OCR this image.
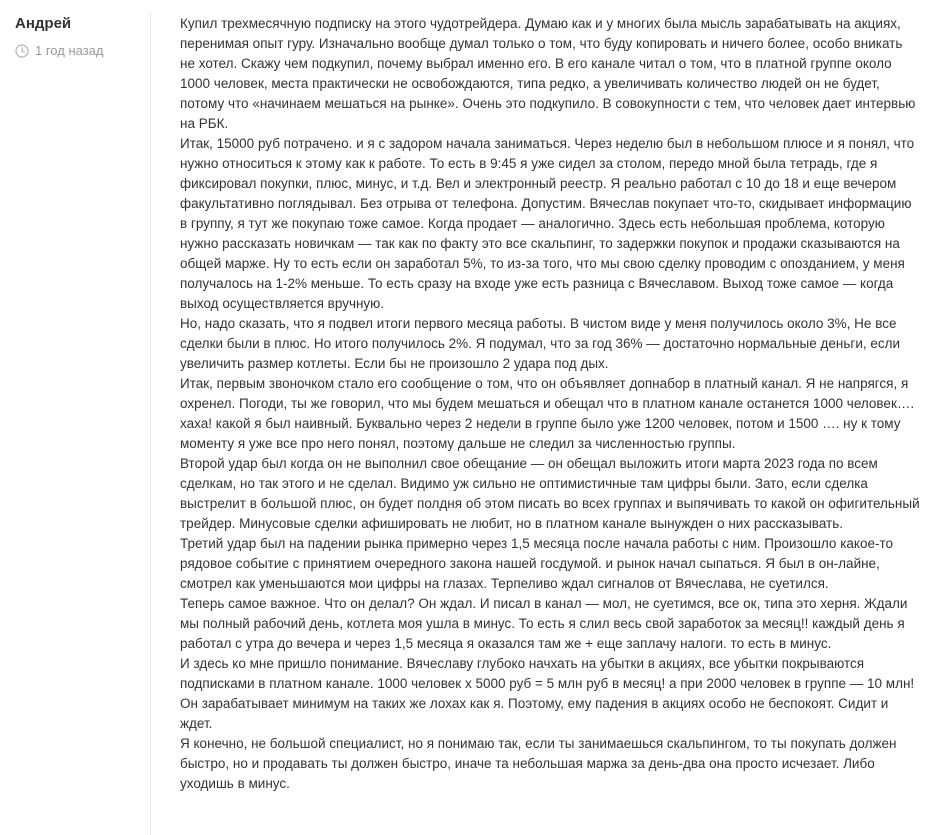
Андрей
1 год назад

Купил трехмесячную подписку на этого чудотрейдера. Думаю как и у многих была мысль зарабатывать на акциях, перенимая опыт гуру. Изначально вообще думал только о том, что буду копировать и ничего более, особо вникать не хотел. Скажу чем подкупил, почему выбрал именно его. В его канале читал о том, что в платной группе около 1000 человек, места практически не освобождаются, типа редко, а увеличивать количество людей он не будет, потому что «начинаем мешаться на рынке». Очень это подкупило. В совокупности с тем, что человек дает интервью на РБК.

Итак, 15000 руб потрачено. и я с задором начала заниматься. Через неделю был в небольшом плюсе и я понял, что нужно относиться к этому как к работе. То есть в 9:45 я уже сидел за столом, передо мной была тетрадь, где я фиксировал покупки, плюс, минус, и т.д. Вел и электронный реестр. Я реально работал с 10 до 18 и еще вечером факультативно поглядывал. Без отрыва от телефона. Допустим. Вячеслав покупает что-то, скидывает информацию в группу, я тут же покупаю тоже самое. Когда продает — аналогично. Здесь есть небольшая проблема, которую нужно рассказать новичкам — так как по факту это все скальпинг, то задержки покупок и продажи сказываются на общей марже. Ну то есть если он заработал 5%, то из-за того, что мы свою сделку проводим с опозданием, у меня получалось на 1-2% меньше. То есть сразу на входе уже есть разница с Вячеславом. Выход тоже самое — когда выход осуществляется вручную.

Но, надо сказать, что я подвел итоги первого месяца работы. В чистом виде у меня получилось около 3%, Не все сделки были в плюс. Но итого получилось 2%. Я подумал, что за год 36% — достаточно нормальные деньги, если увеличить размер котлеты. Если бы не произошло 2 удара под дых.

Итак, первым звоночком стало его сообщение о том, что он объявляет допнабор в платный канал. Я не напрягся, я охренел. Погоди, ты же говорил, что мы будем мешаться и обещал что в платном канале останется 1000 человек…. хаха! какой я был наивный. Буквально через 2 недели в группе было уже 1200 человек, потом и 1500 …. ну к тому моменту я уже все про него понял, поэтому дальше не следил за численностью группы.

Второй удар был когда он не выполнил свое обещание — он обещал выложить итоги марта 2023 года по всем сделкам, но так этого и не сделал. Видимо уж сильно не оптимистичные там цифры были. Зато, если сделка выстрелит в большой плюс, он будет полдня об этом писать во всех группах и выпячивать то какой он офигительный трейдер. Минусовые сделки афишировать не любит, но в платном канале вынужден о них рассказывать.

Третий удар был на падении рынка примерно через 1,5 месяца после начала работы с ним. Произошло какое-то рядовое событие с принятием очередного закона нашей госдумой. и рынок начал сыпаться. Я был в он-лайне, смотрел как уменьшаются мои цифры на глазах. Терпеливо ждал сигналов от Вячеслава, не суетился.

Теперь самое важное. Что он делал? Он ждал. И писал в канал — мол, не суетимся, все ок, типа это херня. Ждали мы полный рабочий день, котлета моя ушла в минус. То есть я слил весь свой заработок за месяц!! каждый день я работал с утра до вечера и через 1,5 месяца я оказался там же + еще заплачу налоги. то есть в минус.

И здесь ко мне пришло понимание. Вячеславу глубоко начхать на убытки в акциях, все убытки покрываются подписками в платном канале. 1000 человек х 5000 руб = 5 млн руб в месяц! а при 2000 человек в группе — 10 млн! Он зарабатывает минимум на таких же лохах как я. Поэтому, ему падения в акциях особо не беспокоят. Сидит и ждет.

Я конечно, не большой специалист, но я понимаю так, если ты занимаешься скальпингом, то ты покупать должен быстро, но и продавать ты должен быстро, иначе та небольшая маржа за день-два она просто исчезает. Либо уходишь в минус.
